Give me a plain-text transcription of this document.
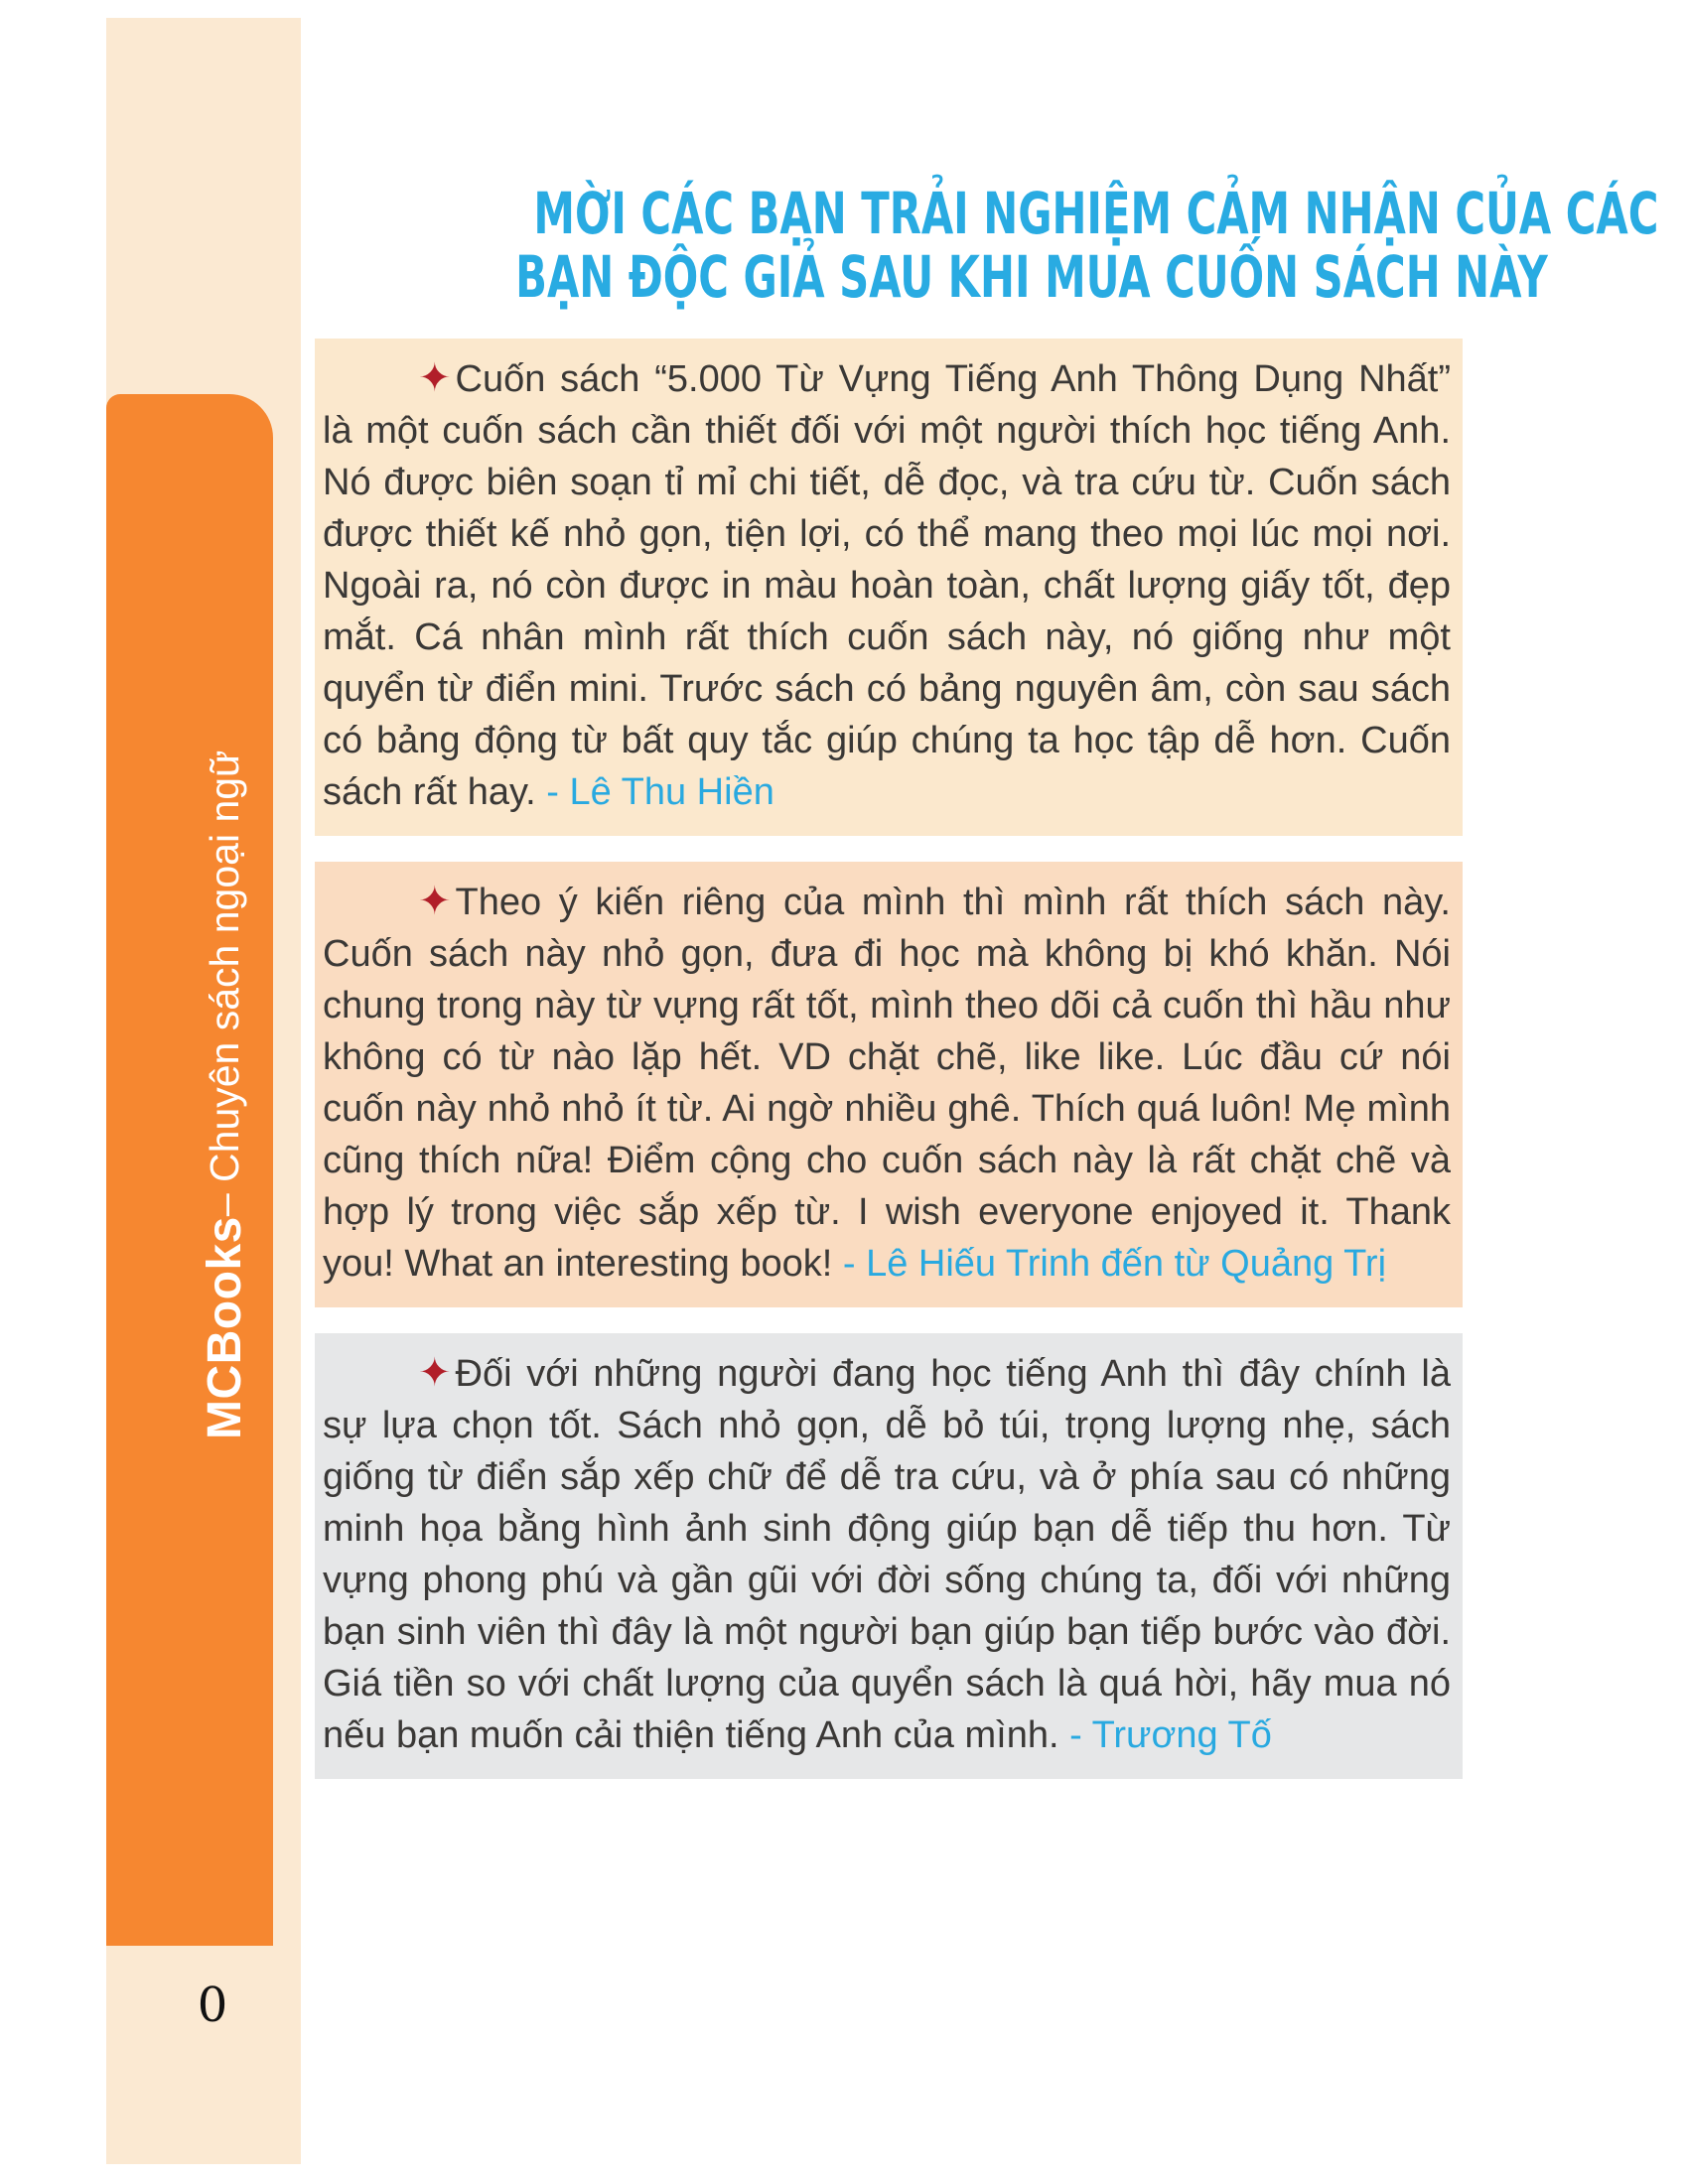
MCBooks
– Chuyên sách ngoại ngữ
0
MỜI CÁC BẠN TRẢI NGHIỆM CẢM NHẬN CỦA CÁC
BẠN ĐỘC GIẢ SAU KHI MUA CUỐN SÁCH NÀY

✦ Cuốn sách “5.000 Từ Vựng Tiếng Anh Thông Dụng Nhất” là một cuốn sách cần thiết đối với một người thích học tiếng Anh. Nó được biên soạn tỉ mỉ chi tiết, dễ đọc, và tra cứu từ. Cuốn sách được thiết kế nhỏ gọn, tiện lợi, có thể mang theo mọi lúc mọi nơi. Ngoài ra, nó còn được in màu hoàn toàn, chất lượng giấy tốt, đẹp mắt. Cá nhân mình rất thích cuốn sách này, nó giống như một quyển từ điển mini. Trước sách có bảng nguyên âm, còn sau sách có bảng động từ bất quy tắc giúp chúng ta học tập dễ hơn. Cuốn sách rất hay. - Lê Thu Hiền

✦ Theo ý kiến riêng của mình thì mình rất thích sách này. Cuốn sách này nhỏ gọn, đưa đi học mà không bị khó khăn. Nói chung trong này từ vựng rất tốt, mình theo dõi cả cuốn thì hầu như không có từ nào lặp hết. VD chặt chẽ, like like. Lúc đầu cứ nói cuốn này nhỏ nhỏ ít từ. Ai ngờ nhiều ghê. Thích quá luôn! Mẹ mình cũng thích nữa! Điểm cộng cho cuốn sách này là rất chặt chẽ và hợp lý trong việc sắp xếp từ. I wish everyone enjoyed it. Thank you! What an interesting book! - Lê Hiếu Trinh đến từ Quảng Trị

✦ Đối với những người đang học tiếng Anh thì đây chính là sự lựa chọn tốt. Sách nhỏ gọn, dễ bỏ túi, trọng lượng nhẹ, sách giống từ điển sắp xếp chữ để dễ tra cứu, và ở phía sau có những minh họa bằng hình ảnh sinh động giúp bạn dễ tiếp thu hơn. Từ vựng phong phú và gần gũi với đời sống chúng ta, đối với những bạn sinh viên thì đây là một người bạn giúp bạn tiếp bước vào đời. Giá tiền so với chất lượng của quyển sách là quá hời, hãy mua nó nếu bạn muốn cải thiện tiếng Anh của mình. - Trương Tố
